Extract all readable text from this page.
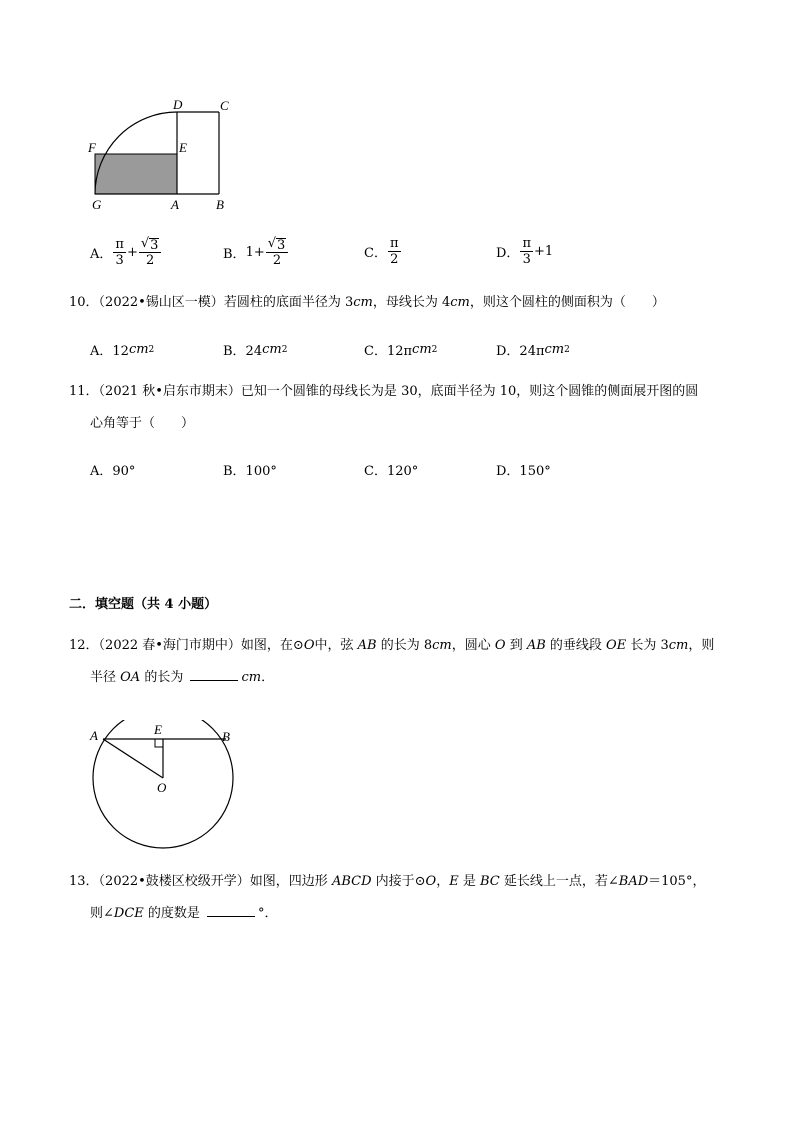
D	C
F	E
G	A	B
A． $\frac{\pi}{3} + \frac{√ 3}{2}$	B． $1+ \frac{√ 3}{2}$	C． $\frac{\pi}{2}$	D． $\frac{\pi}{3} +1$
10．（2022•锡山区一模）若圆柱的底面半径为 3cm，母线长为 4cm，则这个圆柱的侧面积为（　　）
A．12 cm 2	B．24 cm 2	C．12π cm 2	D．24π cm 2
11．（2021 秋•启东市期末）已知一个圆锥的母线长为是 30，底面半径为 10，则这个圆锥的侧面展开图的圆
心角等于（　　）
A．90°	B．100°	C．120°	D．150°
二．填空题（共 4 小题）
12．（2022 春•海门市期中）如图，在⊙O中，弦 AB 的长为 8cm，圆心 O 到 AB 的垂线段 OE 长为 3cm，则
半径 OA 的长为	cm．
A	E	B
O
13．（2022•鼓楼区校级开学）如图，四边形 ABCD 内接于⊙O，E 是 BC 延长线上一点，若∠BAD＝105°，
则∠DCE 的度数是	°．
